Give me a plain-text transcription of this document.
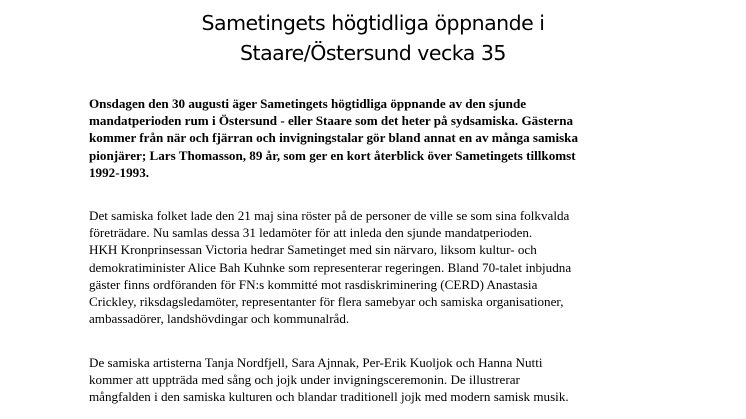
Sametingets högtidliga öppnande i
Staare/Östersund vecka 35

Onsdagen den 30 augusti äger Sametingets högtidliga öppnande av den sjunde
mandatperioden rum i Östersund - eller Staare som det heter på sydsamiska. Gästerna
kommer från när och fjärran och invigningstalar gör bland annat en av många samiska
pionjärer; Lars Thomasson, 89 år, som ger en kort återblick över Sametingets tillkomst
1992-1993.

Det samiska folket lade den 21 maj sina röster på de personer de ville se som sina folkvalda
företrädare. Nu samlas dessa 31 ledamöter för att inleda den sjunde mandatperioden.
HKH Kronprinsessan Victoria hedrar Sametinget med sin närvaro, liksom kultur- och
demokratiminister Alice Bah Kuhnke som representerar regeringen. Bland 70-talet inbjudna
gäster finns ordföranden för FN:s kommitté mot rasdiskriminering (CERD) Anastasia
Crickley, riksdagsledamöter, representanter för flera samebyar och samiska organisationer,
ambassadörer, landshövdingar och kommunalråd.

De samiska artisterna Tanja Nordfjell, Sara Ajnnak, Per-Erik Kuoljok och Hanna Nutti
kommer att uppträda med sång och jojk under invigningsceremonin. De illustrerar
mångfalden i den samiska kulturen och blandar traditionell jojk med modern samisk musik.
